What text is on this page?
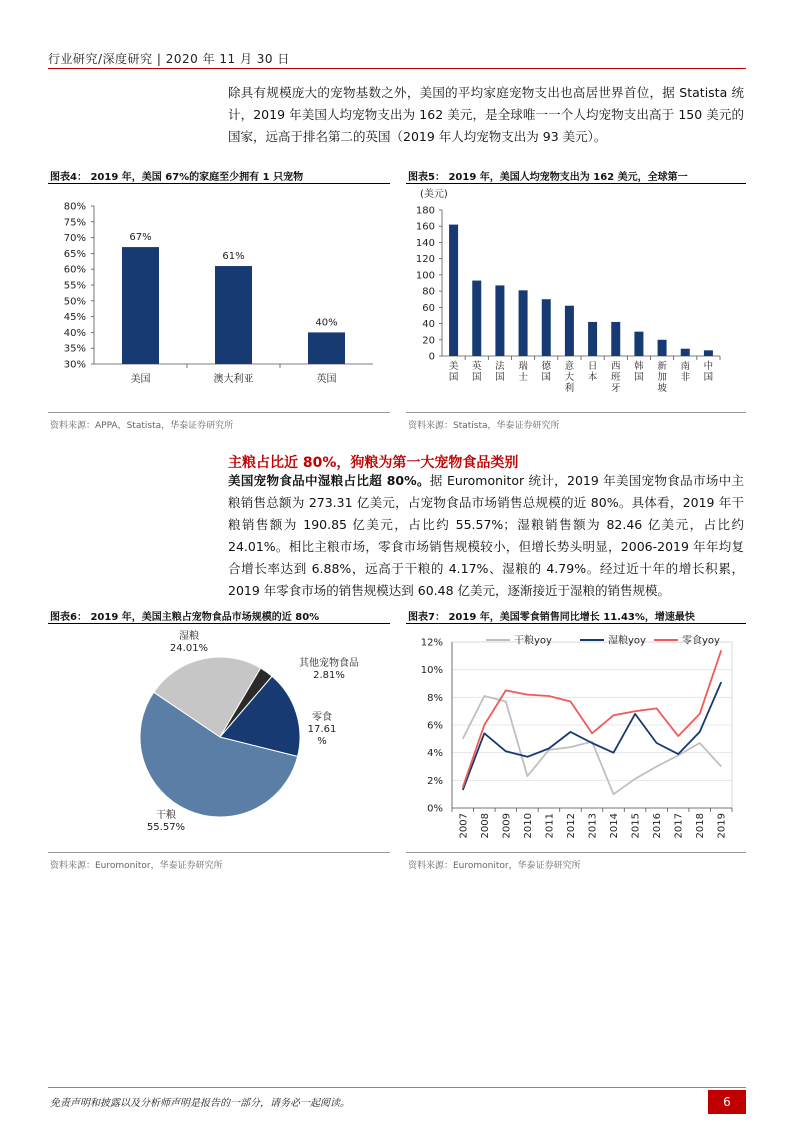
行业研究/深度研究 | 2020 年 11 月 30 日
除具有规模庞大的宠物基数之外，美国的平均家庭宠物支出也高居世界首位，据 Statista 统计，2019 年美国人均宠物支出为 162 美元，是全球唯一一个人均宠物支出高于 150 美元的国家，远高于排名第二的英国（2019 年人均宠物支出为 93 美元）。
图表4： 2019 年，美国 67%的家庭至少拥有 1 只宠物
30%
35%
40%
45%
50%
55%
60%
65%
70%
75%
80%
67%
美国
61%
澳大利亚
40%
英国
资料来源：APPA，Statista，华泰证券研究所
图表5： 2019 年，美国人均宠物支出为 162 美元，全球第一
(美元)
0
20
40
60
80
100
120
140
160
180
美国
英国
法国
瑞士
德国
意大利
日本
西班牙
韩国
新加坡
南非
中国
资料来源：Statista，华泰证券研究所
主粮占比近 80%，狗粮为第一大宠物食品类别
美国宠物食品中湿粮占比超 80%。据 Euromonitor 统计，2019 年美国宠物食品市场中主粮销售总额为 273.31 亿美元，占宠物食品市场销售总规模的近 80%。具体看，2019 年干粮销售额为 190.85 亿美元，占比约 55.57%；湿粮销售额为 82.46 亿美元，占比约 24.01%。相比主粮市场，零食市场销售规模较小，但增长势头明显，2006-2019 年年均复合增长率达到 6.88%，远高于干粮的 4.17%、湿粮的 4.79%。经过近十年的增长积累，2019 年零食市场的销售规模达到 60.48 亿美元，逐渐接近于湿粮的销售规模。
图表6： 2019 年，美国主粮占宠物食品市场规模的近 80%
干粮 55.57%
湿粮 24.01%
其他宠物食品 2.81%
零食 17.61 %
资料来源：Euromonitor，华泰证券研究所
图表7： 2019 年，美国零食销售同比增长 11.43%，增速最快
0%
2%
4%
6%
8%
10%
12%
2007 2008 2009 2010 2011 2012 2013 2014 2015 2016 2017 2018 2019
干粮yoy	湿粮yoy	零食yoy
资料来源：Euromonitor，华泰证券研究所
免责声明和披露以及分析师声明是报告的一部分，请务必一起阅读。	6
